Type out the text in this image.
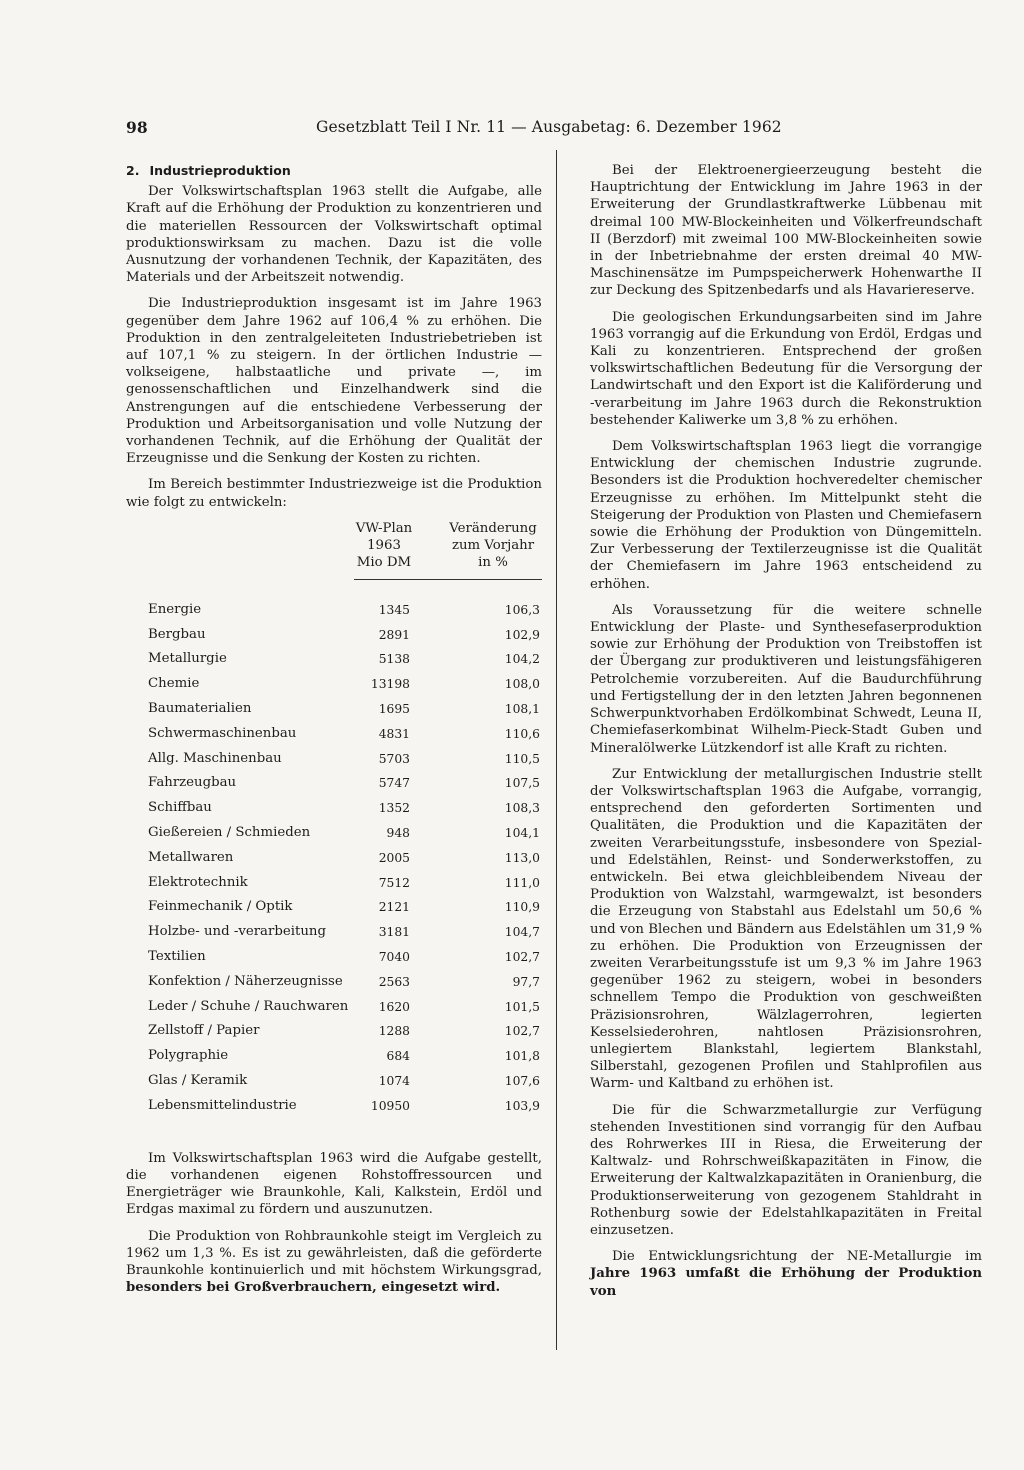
98	Gesetzblatt Teil I Nr. 11 — Ausgabetag: 6. Dezember 1962

2. Industrieproduktion

Der Volkswirtschaftsplan 1963 stellt die Aufgabe, alle Kraft auf die Erhöhung der Produktion zu konzentrieren und die materiellen Ressourcen der Volkswirtschaft optimal produktionswirksam zu machen. Dazu ist die volle Ausnutzung der vorhandenen Technik, der Kapazitäten, des Materials und der Arbeitszeit notwendig.

Die Industrieproduktion insgesamt ist im Jahre 1963 gegenüber dem Jahre 1962 auf 106,4 % zu erhöhen. Die Produktion in den zentralgeleiteten Industriebetrieben ist auf 107,1 % zu steigern. In der örtlichen Industrie — volkseigene, halbstaatliche und private —, im genossenschaftlichen und Einzelhandwerk sind die Anstrengungen auf die entschiedene Verbesserung der Produktion und Arbeitsorganisation und volle Nutzung der vorhandenen Technik, auf die Erhöhung der Qualität der Erzeugnisse und die Senkung der Kosten zu richten.

Im Bereich bestimmter Industriezweige ist die Produktion wie folgt zu entwickeln:

VW-Plan
1963
Mio DM
Veränderung
zum Vorjahr
in %
Energie	1345	106,3
Bergbau	2891	102,9
Metallurgie	5138	104,2
Chemie	13198	108,0
Baumaterialien	1695	108,1
Schwermaschinenbau	4831	110,6
Allg. Maschinenbau	5703	110,5
Fahrzeugbau	5747	107,5
Schiffbau	1352	108,3
Gießereien / Schmieden	948	104,1
Metallwaren	2005	113,0
Elektrotechnik	7512	111,0
Feinmechanik / Optik	2121	110,9
Holzbe- und -verarbeitung	3181	104,7
Textilien	7040	102,7
Konfektion / Näherzeugnisse	2563	97,7
Leder / Schuhe / Rauchwaren	1620	101,5
Zellstoff / Papier	1288	102,7
Polygraphie	684	101,8
Glas / Keramik	1074	107,6
Lebensmittelindustrie	10950	103,9

Im Volkswirtschaftsplan 1963 wird die Aufgabe gestellt, die vorhandenen eigenen Rohstoffressourcen und Energieträger wie Braunkohle, Kali, Kalkstein, Erdöl und Erdgas maximal zu fördern und auszunutzen.

Die Produktion von Rohbraunkohle steigt im Vergleich zu 1962 um 1,3 %. Es ist zu gewährleisten, daß die geförderte Braunkohle kontinuierlich und mit höchstem Wirkungsgrad, besonders bei Großverbrauchern, eingesetzt wird.

Bei der Elektroenergieerzeugung besteht die Hauptrichtung der Entwicklung im Jahre 1963 in der Erweiterung der Grundlastkraftwerke Lübbenau mit dreimal 100 MW-Blockeinheiten und Völkerfreundschaft II (Berzdorf) mit zweimal 100 MW-Blockeinheiten sowie in der Inbetriebnahme der ersten dreimal 40 MW-Maschinensätze im Pumpspeicherwerk Hohenwarthe II zur Deckung des Spitzenbedarfs und als Havariereserve.

Die geologischen Erkundungsarbeiten sind im Jahre 1963 vorrangig auf die Erkundung von Erdöl, Erdgas und Kali zu konzentrieren. Entsprechend der großen volkswirtschaftlichen Bedeutung für die Versorgung der Landwirtschaft und den Export ist die Kaliförderung und -verarbeitung im Jahre 1963 durch die Rekonstruktion bestehender Kaliwerke um 3,8 % zu erhöhen.

Dem Volkswirtschaftsplan 1963 liegt die vorrangige Entwicklung der chemischen Industrie zugrunde. Besonders ist die Produktion hochveredelter chemischer Erzeugnisse zu erhöhen. Im Mittelpunkt steht die Steigerung der Produktion von Plasten und Chemiefasern sowie die Erhöhung der Produktion von Düngemitteln. Zur Verbesserung der Textilerzeugnisse ist die Qualität der Chemiefasern im Jahre 1963 entscheidend zu erhöhen.

Als Voraussetzung für die weitere schnelle Entwicklung der Plaste- und Synthesefaserproduktion sowie zur Erhöhung der Produktion von Treibstoffen ist der Übergang zur produktiveren und leistungsfähigeren Petrolchemie vorzubereiten. Auf die Baudurchführung und Fertigstellung der in den letzten Jahren begonnenen Schwerpunktvorhaben Erdölkombinat Schwedt, Leuna II, Chemiefaserkombinat Wilhelm-Pieck-Stadt Guben und Mineralölwerke Lützkendorf ist alle Kraft zu richten.

Zur Entwicklung der metallurgischen Industrie stellt der Volkswirtschaftsplan 1963 die Aufgabe, vorrangig, entsprechend den geforderten Sortimenten und Qualitäten, die Produktion und die Kapazitäten der zweiten Verarbeitungsstufe, insbesondere von Spezial- und Edelstählen, Reinst- und Sonderwerkstoffen, zu entwickeln. Bei etwa gleichbleibendem Niveau der Produktion von Walzstahl, warmgewalzt, ist besonders die Erzeugung von Stabstahl aus Edelstahl um 50,6 % und von Blechen und Bändern aus Edelstählen um 31,9 % zu erhöhen. Die Produktion von Erzeugnissen der zweiten Verarbeitungsstufe ist um 9,3 % im Jahre 1963 gegenüber 1962 zu steigern, wobei in besonders schnellem Tempo die Produktion von geschweißten Präzisionsrohren, Wälzlagerrohren, legierten Kesselsiederohren, nahtlosen Präzisionsrohren, unlegiertem Blankstahl, legiertem Blankstahl, Silberstahl, gezogenen Profilen und Stahlprofilen aus Warm- und Kaltband zu erhöhen ist.

Die für die Schwarzmetallurgie zur Verfügung stehenden Investitionen sind vorrangig für den Aufbau des Rohrwerkes III in Riesa, die Erweiterung der Kaltwalz- und Rohrschweißkapazitäten in Finow, die Erweiterung der Kaltwalzkapazitäten in Oranienburg, die Produktionserweiterung von gezogenem Stahldraht in Rothenburg sowie der Edelstahlkapazitäten in Freital einzusetzen.

Die Entwicklungsrichtung der NE-Metallurgie im Jahre 1963 umfaßt die Erhöhung der Produktion von
